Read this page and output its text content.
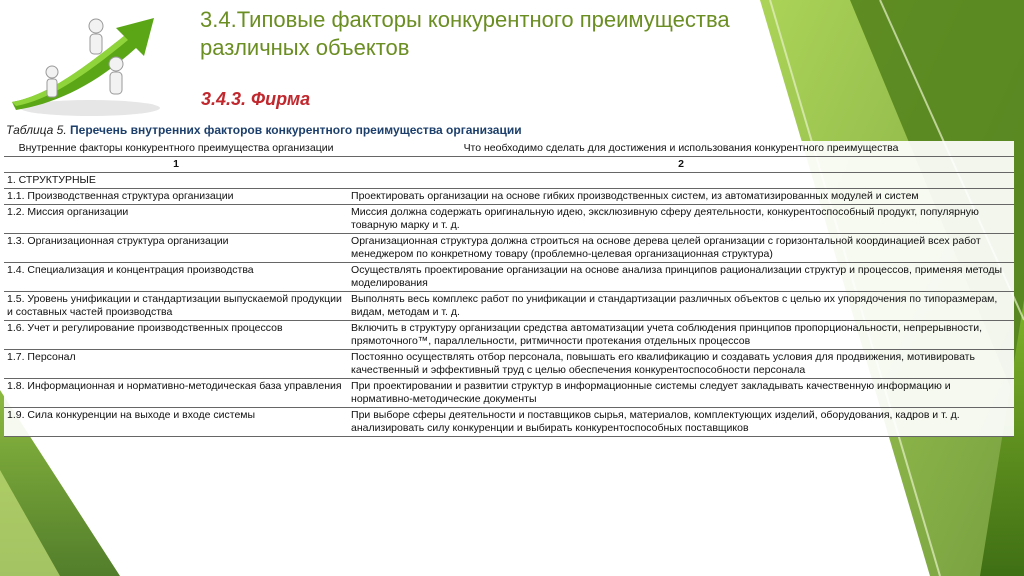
3.4.Типовые факторы конкурентного преимущества различных объектов
3.4.3. Фирма
Таблица 5. Перечень внутренних факторов конкурентного преимущества организации
Внутренние факторы конкурентного преимущества организации	Что необходимо сделать для достижения и использования конкурентного преимущества
1	2
1. СТРУКТУРНЫЕ	
1.1. Производственная структура организации	Проектировать организации на основе гибких производственных систем, из автоматизированных модулей и систем
1.2. Миссия организации	Миссия должна содержать оригинальную идею, эксклюзивную сферу деятельности, конкурентоспособный продукт, популярную товарную марку и т. д.
1.3. Организационная структура организации	Организационная структура должна строиться на основе дерева целей организации с горизонтальной координацией всех работ менеджером по конкретному товару (проблемно-целевая организационная структура)
1.4. Специализация и концентрация производства	Осуществлять проектирование организации на основе анализа принципов рационализации структур и процессов, применяя методы моделирования
1.5. Уровень унификации и стандартизации выпускаемой продукции и составных частей производства	Выполнять весь комплекс работ по унификации и стандартизации различных объектов с целью их упорядочения по типоразмерам, видам, методам и т. д.
1.6. Учет и регулирование производственных процессов	Включить в структуру организации средства автоматизации учета соблюдения принципов пропорциональности, непрерывности, прямоточного™, параллельности, ритмичности протекания отдельных процессов
1.7. Персонал	Постоянно осуществлять отбор персонала, повышать его квалификацию и создавать условия для продвижения, мотивировать качественный и эффективный труд с целью обеспечения конкурентоспособности персонала
1.8. Информационная и нормативно-методическая база управления	При проектировании и развитии структур в информационные системы следует закладывать качественную информацию и нормативно-методические документы
1.9. Сила конкуренции на выходе и входе системы	При выборе сферы деятельности и поставщиков сырья, материалов, комплектующих изделий, оборудования, кадров и т. д. анализировать силу конкуренции и выбирать конкурентоспособных поставщиков
